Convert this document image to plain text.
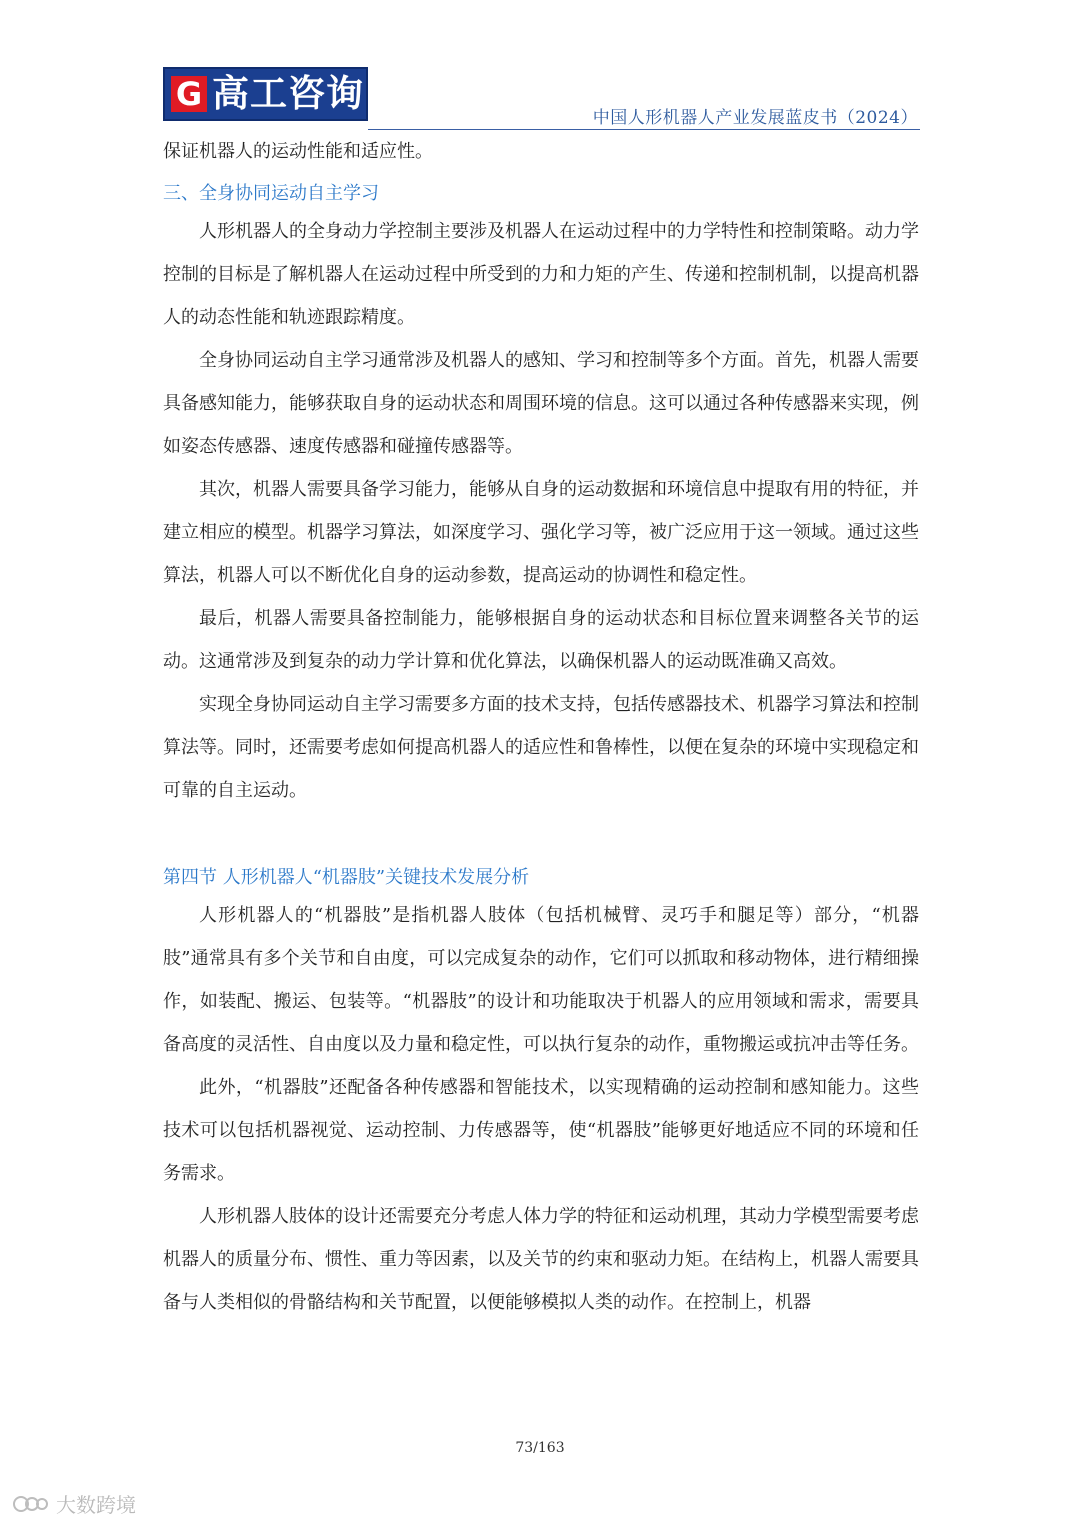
G 高工咨询
中国人形机器人产业发展蓝皮书（2024）
保证机器人的运动性能和适应性。
三、全身协同运动自主学习

人形机器人的全身动力学控制主要涉及机器人在运动过程中的力学特性和控制策略。动力学控制的目标是了解机器人在运动过程中所受到的力和力矩的产生、传递和控制机制，以提高机器人的动态性能和轨迹跟踪精度。

全身协同运动自主学习通常涉及机器人的感知、学习和控制等多个方面。首先，机器人需要具备感知能力，能够获取自身的运动状态和周围环境的信息。这可以通过各种传感器来实现，例如姿态传感器、速度传感器和碰撞传感器等。

其次，机器人需要具备学习能力，能够从自身的运动数据和环境信息中提取有用的特征，并建立相应的模型。机器学习算法，如深度学习、强化学习等，被广泛应用于这一领域。通过这些算法，机器人可以不断优化自身的运动参数，提高运动的协调性和稳定性。

最后，机器人需要具备控制能力，能够根据自身的运动状态和目标位置来调整各关节的运动。这通常涉及到复杂的动力学计算和优化算法，以确保机器人的运动既准确又高效。

实现全身协同运动自主学习需要多方面的技术支持，包括传感器技术、机器学习算法和控制算法等。同时，还需要考虑如何提高机器人的适应性和鲁棒性，以便在复杂的环境中实现稳定和可靠的自主运动。

第四节 人形机器人“机器肢”关键技术发展分析

人形机器人的“机器肢”是指机器人肢体（包括机械臂、灵巧手和腿足等）部分，“机器肢”通常具有多个关节和自由度，可以完成复杂的动作，它们可以抓取和移动物体，进行精细操作，如装配、搬运、包装等。“机器肢”的设计和功能取决于机器人的应用领域和需求，需要具备高度的灵活性、自由度以及力量和稳定性，可以执行复杂的动作，重物搬运或抗冲击等任务。

此外，“机器肢”还配备各种传感器和智能技术，以实现精确的运动控制和感知能力。这些技术可以包括机器视觉、运动控制、力传感器等，使“机器肢”能够更好地适应不同的环境和任务需求。

人形机器人肢体的设计还需要充分考虑人体力学的特征和运动机理，其动力学模型需要考虑机器人的质量分布、惯性、重力等因素，以及关节的约束和驱动力矩。在结构上，机器人需要具备与人类相似的骨骼结构和关节配置，以便能够模拟人类的动作。在控制上，机器

73/163
大数跨境
